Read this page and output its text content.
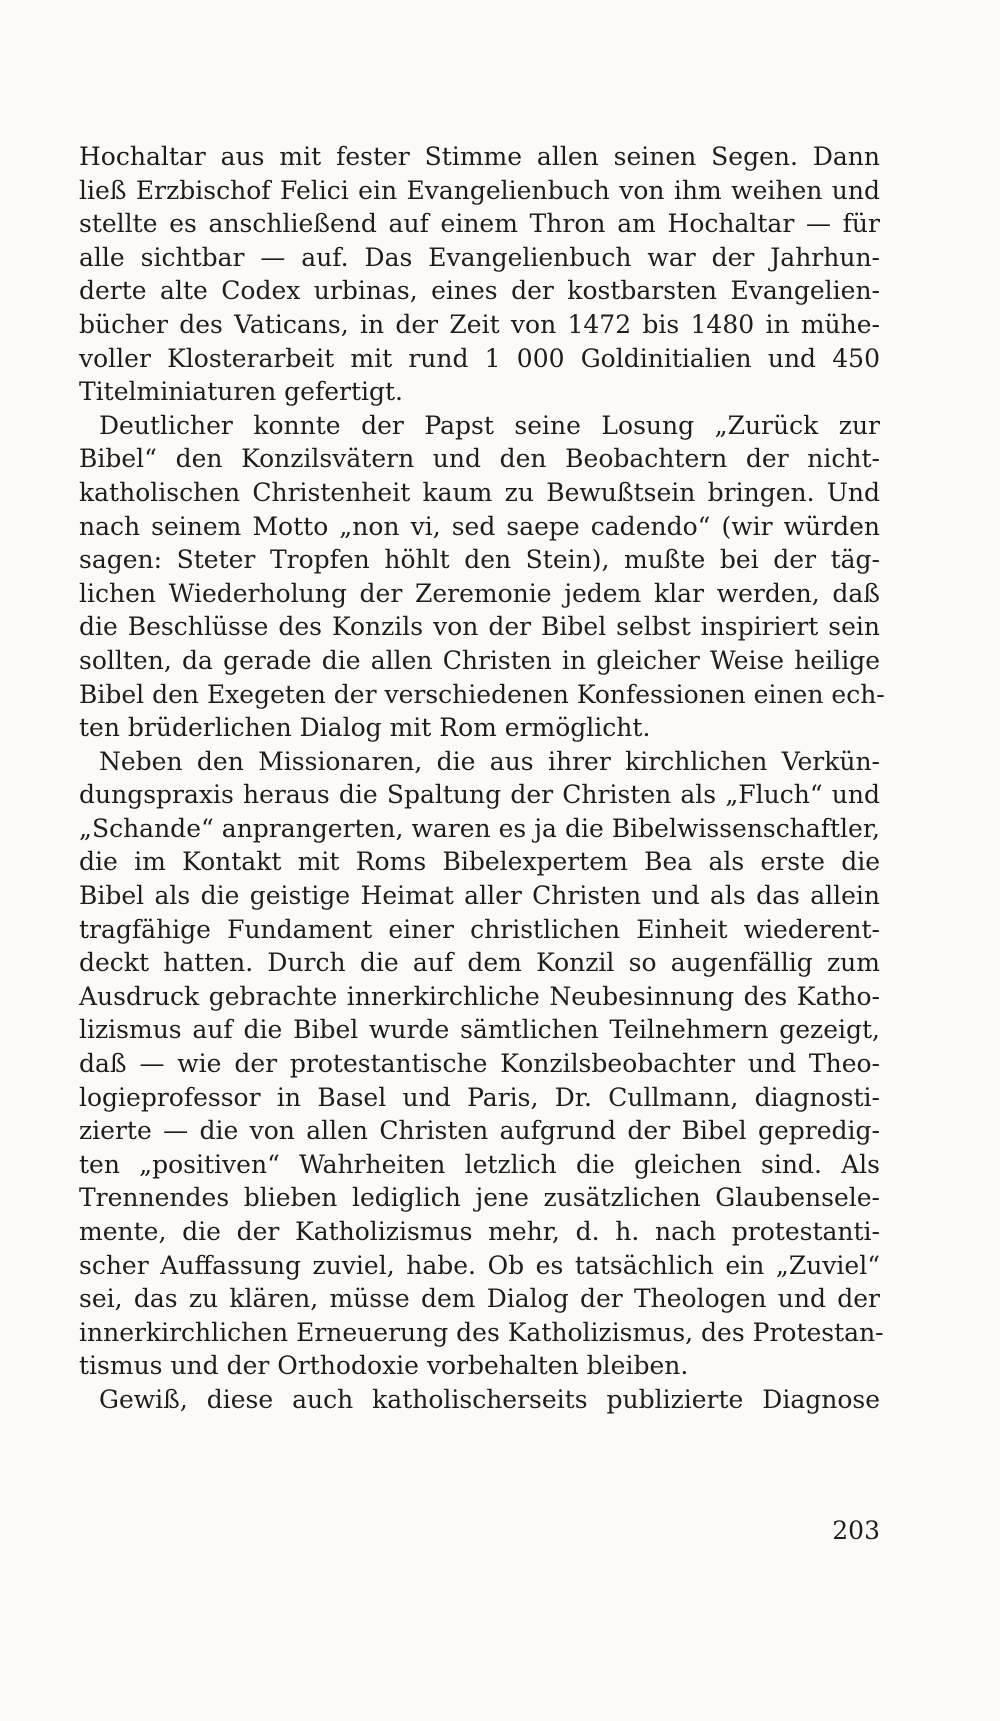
Hochaltar aus mit fester Stimme allen seinen Segen. Dann
ließ Erzbischof Felici ein Evangelienbuch von ihm weihen und
stellte es anschließend auf einem Thron am Hochaltar — für
alle sichtbar — auf. Das Evangelienbuch war der Jahrhun-
derte alte Codex urbinas, eines der kostbarsten Evangelien-
bücher des Vaticans, in der Zeit von 1472 bis 1480 in mühe-
voller Klosterarbeit mit rund 1 000 Goldinitialien und 450
Titelminiaturen gefertigt.
Deutlicher konnte der Papst seine Losung „Zurück zur
Bibel“ den Konzilsvätern und den Beobachtern der nicht-
katholischen Christenheit kaum zu Bewußtsein bringen. Und
nach seinem Motto „non vi, sed saepe cadendo“ (wir würden
sagen: Steter Tropfen höhlt den Stein), mußte bei der täg-
lichen Wiederholung der Zeremonie jedem klar werden, daß
die Beschlüsse des Konzils von der Bibel selbst inspiriert sein
sollten, da gerade die allen Christen in gleicher Weise heilige
Bibel den Exegeten der verschiedenen Konfessionen einen ech-
ten brüderlichen Dialog mit Rom ermöglicht.
Neben den Missionaren, die aus ihrer kirchlichen Verkün-
dungspraxis heraus die Spaltung der Christen als „Fluch“ und
„Schande“ anprangerten, waren es ja die Bibelwissenschaftler,
die im Kontakt mit Roms Bibelexpertem Bea als erste die
Bibel als die geistige Heimat aller Christen und als das allein
tragfähige Fundament einer christlichen Einheit wiederent-
deckt hatten. Durch die auf dem Konzil so augenfällig zum
Ausdruck gebrachte innerkirchliche Neubesinnung des Katho-
lizismus auf die Bibel wurde sämtlichen Teilnehmern gezeigt,
daß — wie der protestantische Konzilsbeobachter und Theo-
logieprofessor in Basel und Paris, Dr. Cullmann, diagnosti-
zierte — die von allen Christen aufgrund der Bibel gepredig-
ten „positiven“ Wahrheiten letzlich die gleichen sind. Als
Trennendes blieben lediglich jene zusätzlichen Glaubensele-
mente, die der Katholizismus mehr, d. h. nach protestanti-
scher Auffassung zuviel, habe. Ob es tatsächlich ein „Zuviel“
sei, das zu klären, müsse dem Dialog der Theologen und der
innerkirchlichen Erneuerung des Katholizismus, des Protestan-
tismus und der Orthodoxie vorbehalten bleiben.
Gewiß, diese auch katholischerseits publizierte Diagnose
203
